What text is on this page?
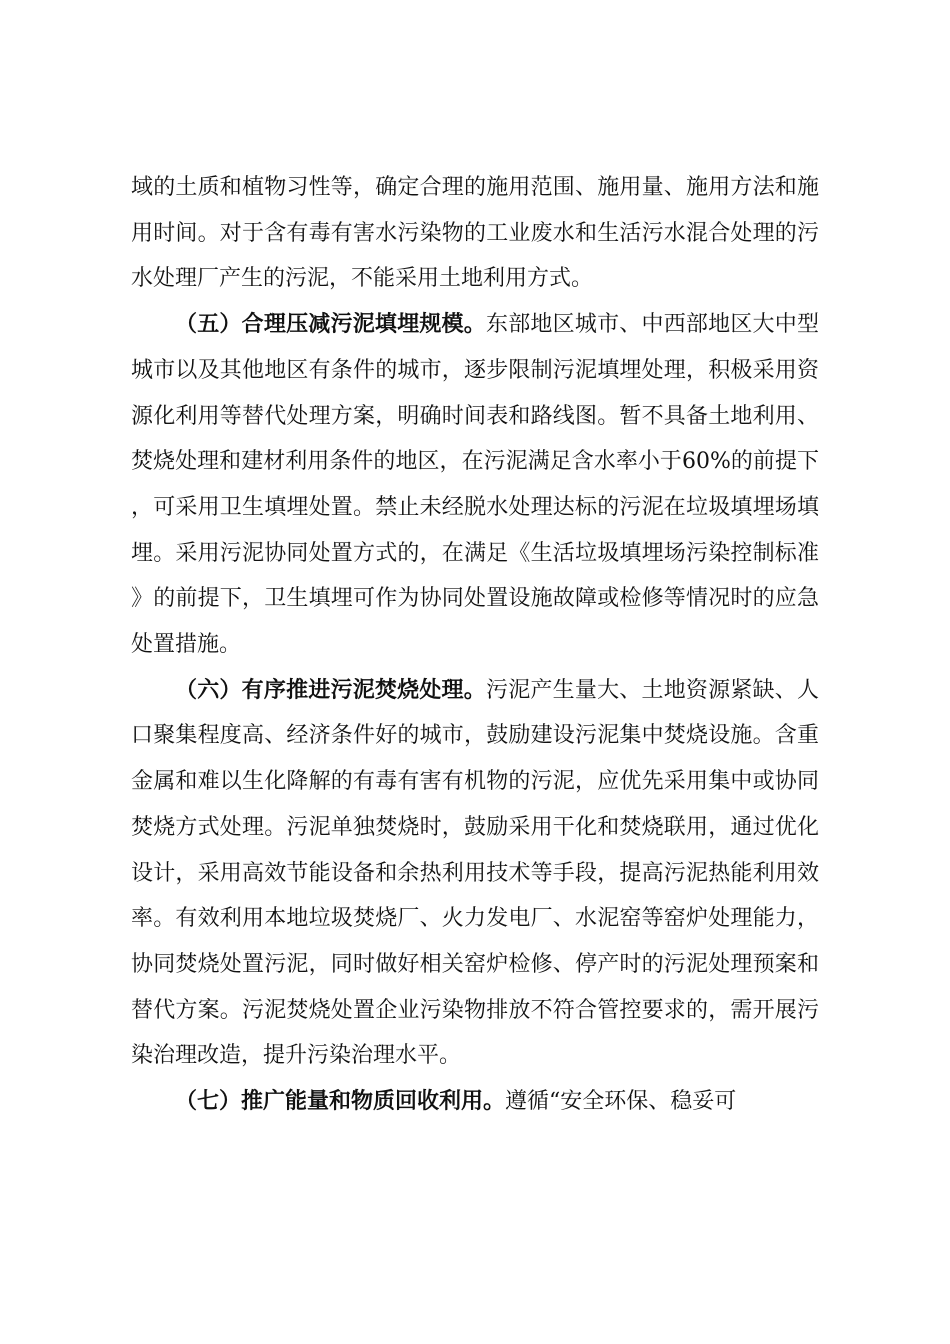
域的土质和植物习性等，确定合理的施用范围、施用量、施用方法和施用时间。对于含有毒有害水污染物的工业废水和生活污水混合处理的污水处理厂产生的污泥，不能采用土地利用方式。

（五）合理压减污泥填埋规模。东部地区城市、中西部地区大中型城市以及其他地区有条件的城市，逐步限制污泥填埋处理，积极采用资源化利用等替代处理方案，明确时间表和路线图。暂不具备土地利用、焚烧处理和建材利用条件的地区，在污泥满足含水率小于60%的前提下，可采用卫生填埋处置。禁止未经脱水处理达标的污泥在垃圾填埋场填埋。采用污泥协同处置方式的，在满足《生活垃圾填埋场污染控制标准》的前提下，卫生填埋可作为协同处置设施故障或检修等情况时的应急处置措施。

（六）有序推进污泥焚烧处理。污泥产生量大、土地资源紧缺、人口聚集程度高、经济条件好的城市，鼓励建设污泥集中焚烧设施。含重金属和难以生化降解的有毒有害有机物的污泥，应优先采用集中或协同焚烧方式处理。污泥单独焚烧时，鼓励采用干化和焚烧联用，通过优化设计，采用高效节能设备和余热利用技术等手段，提高污泥热能利用效率。有效利用本地垃圾焚烧厂、火力发电厂、水泥窑等窑炉处理能力，协同焚烧处置污泥，同时做好相关窑炉检修、停产时的污泥处理预案和替代方案。污泥焚烧处置企业污染物排放不符合管控要求的，需开展污染治理改造，提升污染治理水平。

（七）推广能量和物质回收利用。遵循“安全环保、稳妥可
